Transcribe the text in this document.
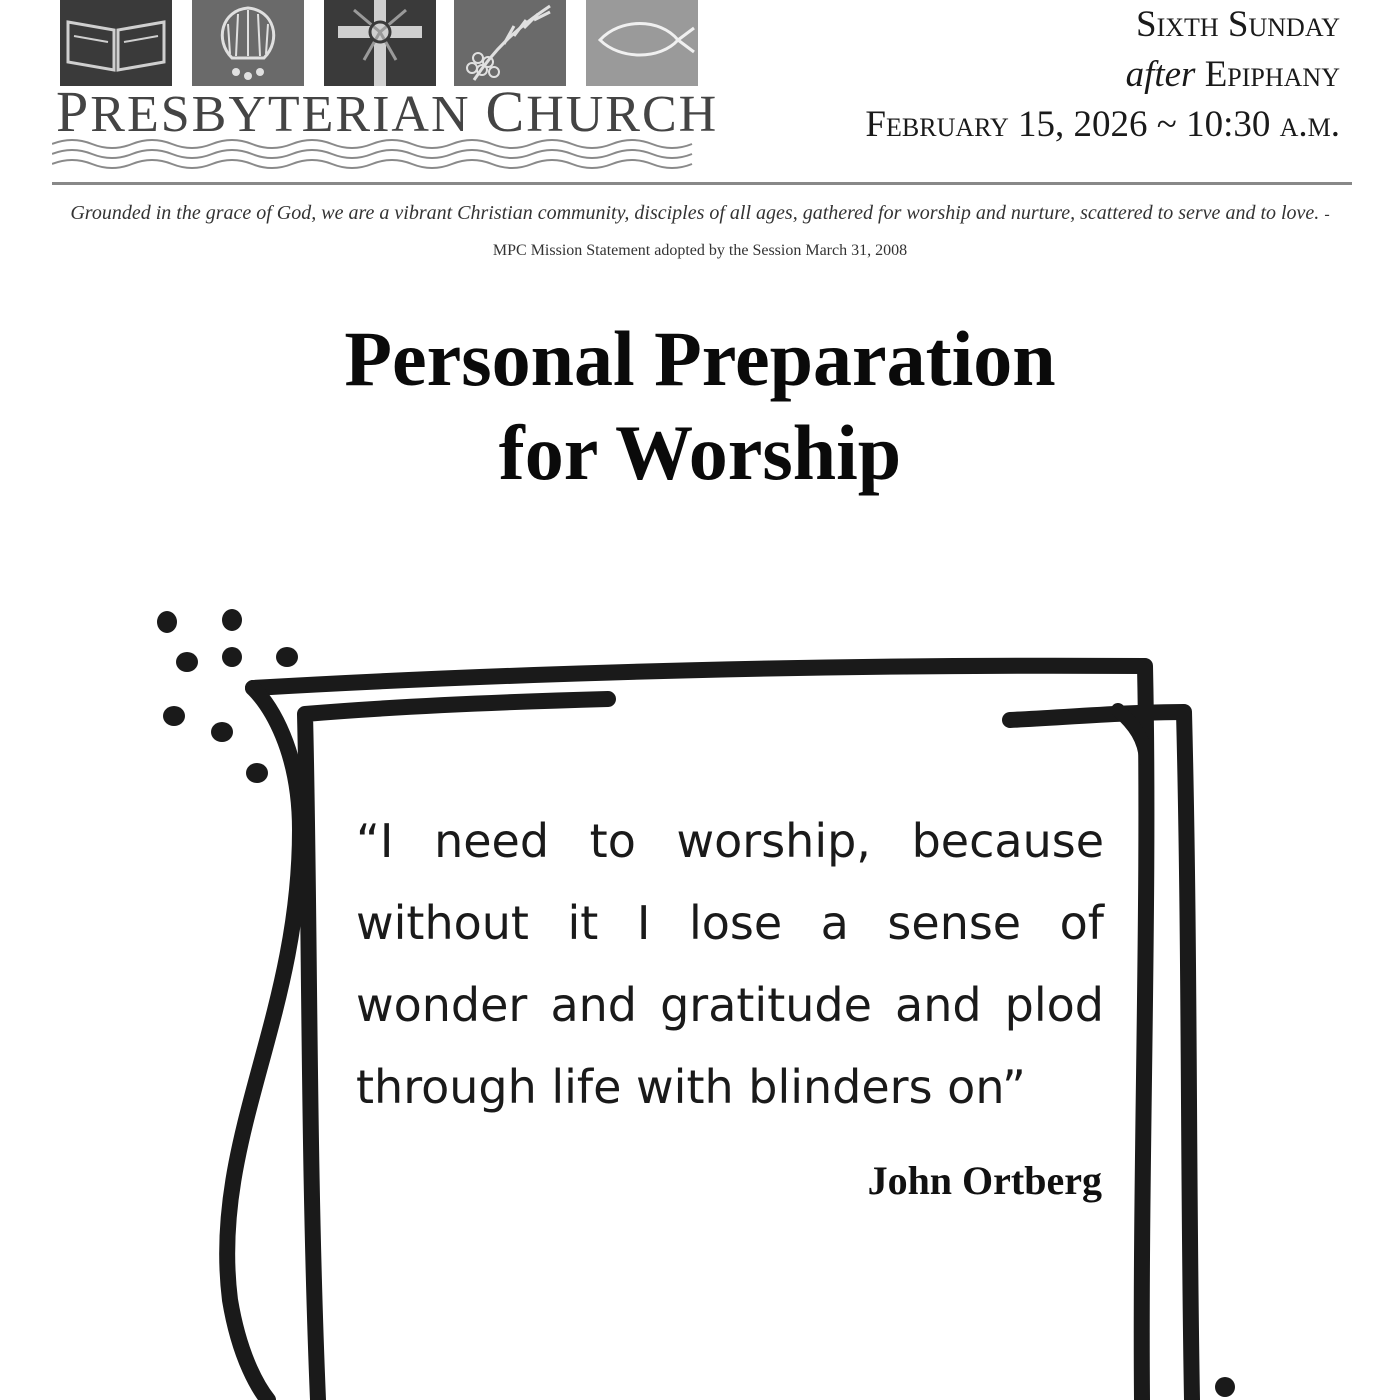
PRESBYTERIAN CHURCH
Sixth Sunday
after Epiphany
February 15, 2026 ~ 10:30 a.m.
Grounded in the grace of God, we are a vibrant Christian community, disciples of all ages, gathered for worship and nurture, scattered to serve and to love. - MPC Mission Statement adopted by the Session March 31, 2008
Personal Preparation
for Worship
“I need to worship, because without it I lose a sense of wonder and gratitude and plod through life with blinders on”
John Ortberg
